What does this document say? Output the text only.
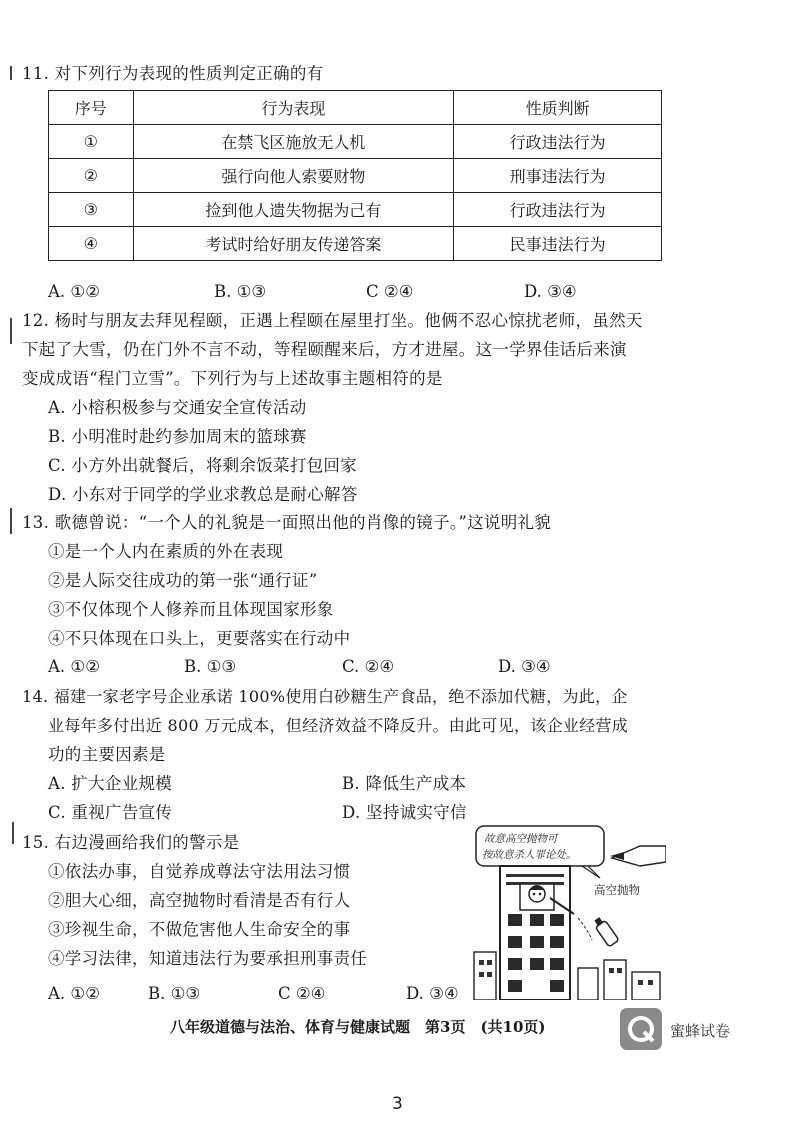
11. 对下列行为表现的性质判定正确的有
序号	行为表现	性质判断
①	在禁飞区施放无人机	行政违法行为
②	强行向他人索要财物	刑事违法行为
③	捡到他人遗失物据为己有	行政违法行为
④	考试时给好朋友传递答案	民事违法行为
A. ①②	B. ①③	C ②④	D. ③④
12. 杨时与朋友去拜见程颐，正遇上程颐在屋里打坐。他俩不忍心惊扰老师，虽然天
下起了大雪，仍在门外不言不动，等程颐醒来后，方才进屋。这一学界佳话后来演
变成成语“程门立雪”。下列行为与上述故事主题相符的是
A. 小榕积极参与交通安全宣传活动
B. 小明准时赴约参加周末的篮球赛
C. 小方外出就餐后，将剩余饭菜打包回家
D. 小东对于同学的学业求教总是耐心解答
13. 歌德曾说：“一个人的礼貌是一面照出他的肖像的镜子。”这说明礼貌
①是一个人内在素质的外在表现
②是人际交往成功的第一张“通行证”
③不仅体现个人修养而且体现国家形象
④不只体现在口头上，更要落实在行动中
A. ①②	B. ①③	C. ②④	D. ③④
14. 福建一家老字号企业承诺 100%使用白砂糖生产食品，绝不添加代糖，为此，企
业每年多付出近 800 万元成本，但经济效益不降反升。由此可见，该企业经营成
功的主要因素是
A. 扩大企业规模	B. 降低生产成本
C. 重视广告宣传	D. 坚持诚实守信
15. 右边漫画给我们的警示是
①依法办事，自觉养成尊法守法用法习惯
②胆大心细，高空抛物时看清是否有行人
③珍视生命，不做危害他人生命安全的事
④学习法律，知道违法行为要承担刑事责任
A. ①②	B. ①③	C ②④	D. ③④
故意高空抛物可
按故意杀人罪论处。
高空抛物
八年级道德与法治、体育与健康试题　第3页　(共10页)	蜜蜂试卷
3
